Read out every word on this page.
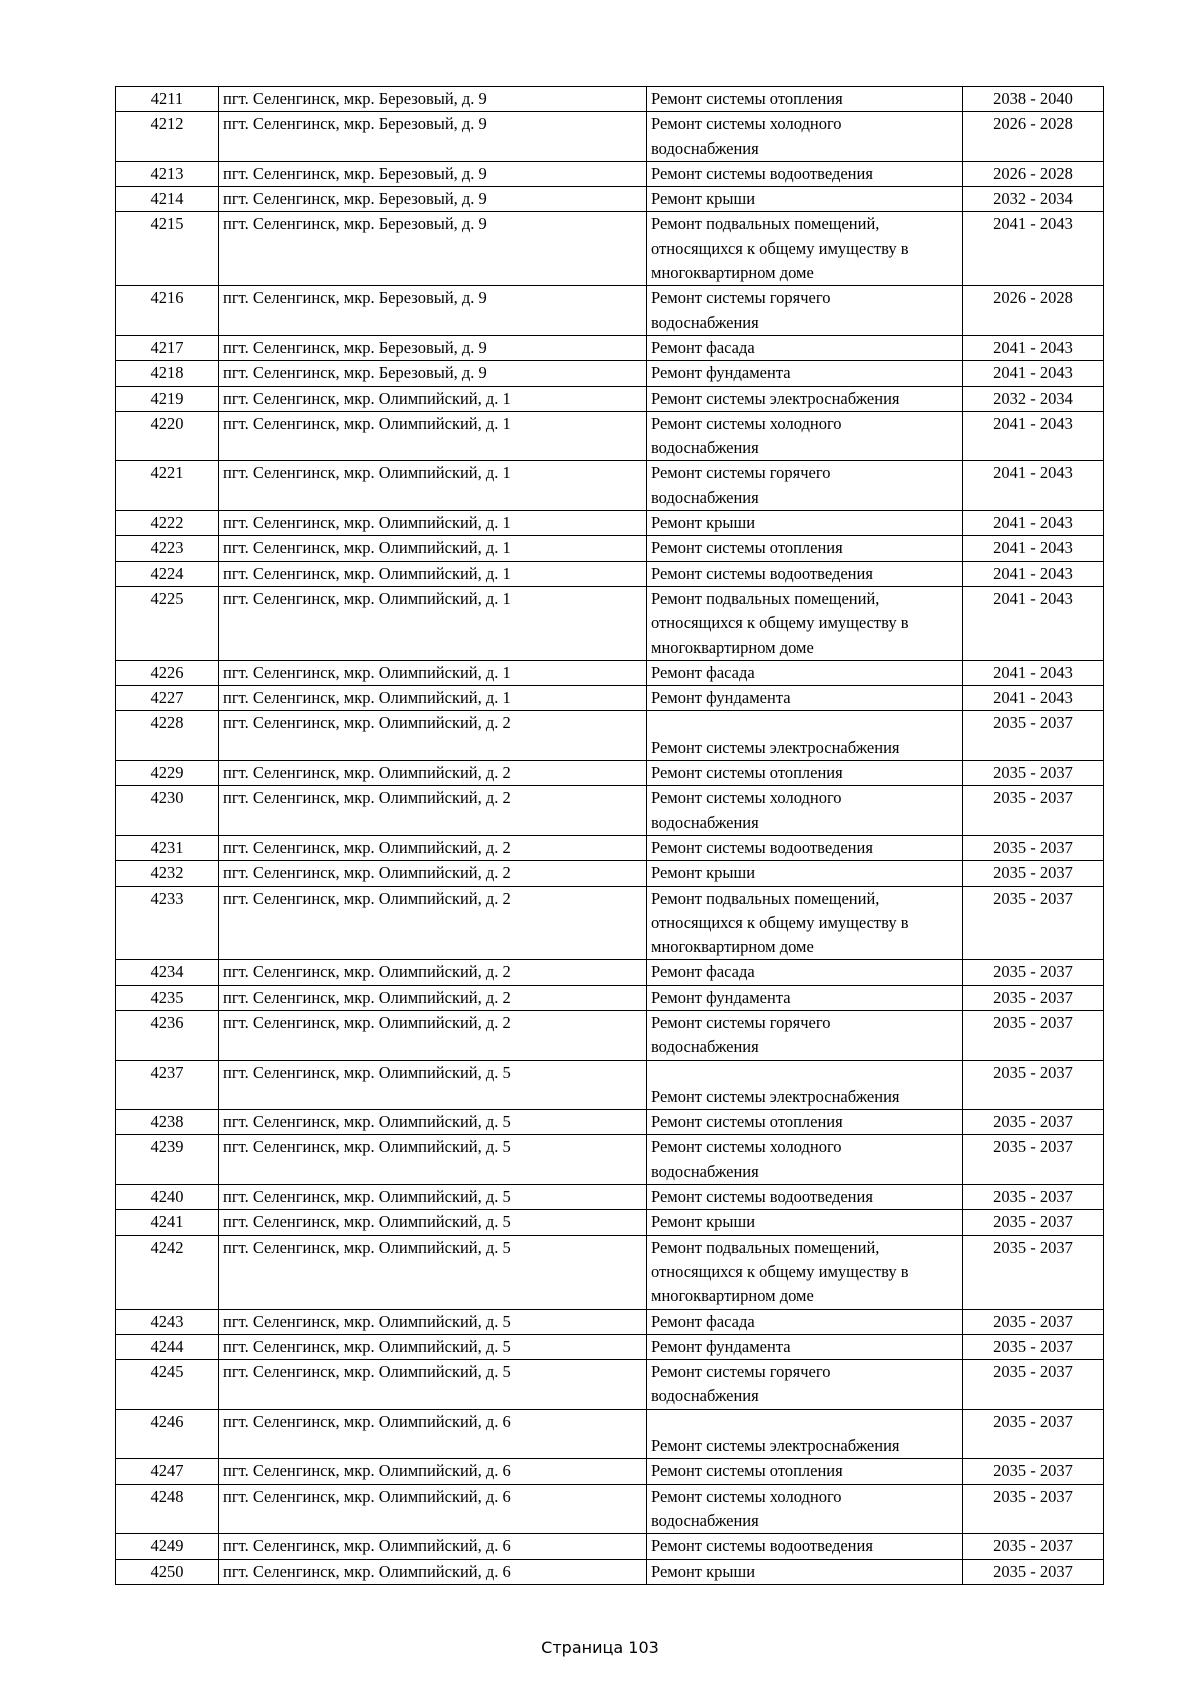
4211	пгт. Селенгинск, мкр. Березовый, д. 9	Ремонт системы отопления	2038 - 2040
4212	пгт. Селенгинск, мкр. Березовый, д. 9	Ремонт системы холодного
водоснабжения	2026 - 2028
4213	пгт. Селенгинск, мкр. Березовый, д. 9	Ремонт системы водоотведения	2026 - 2028
4214	пгт. Селенгинск, мкр. Березовый, д. 9	Ремонт крыши	2032 - 2034
4215	пгт. Селенгинск, мкр. Березовый, д. 9	Ремонт подвальных помещений,
относящихся к общему имуществу в
многоквартирном доме	2041 - 2043
4216	пгт. Селенгинск, мкр. Березовый, д. 9	Ремонт системы горячего
водоснабжения	2026 - 2028
4217	пгт. Селенгинск, мкр. Березовый, д. 9	Ремонт фасада	2041 - 2043
4218	пгт. Селенгинск, мкр. Березовый, д. 9	Ремонт фундамента	2041 - 2043
4219	пгт. Селенгинск, мкр. Олимпийский, д. 1	Ремонт системы электроснабжения	2032 - 2034
4220	пгт. Селенгинск, мкр. Олимпийский, д. 1	Ремонт системы холодного
водоснабжения	2041 - 2043
4221	пгт. Селенгинск, мкр. Олимпийский, д. 1	Ремонт системы горячего
водоснабжения	2041 - 2043
4222	пгт. Селенгинск, мкр. Олимпийский, д. 1	Ремонт крыши	2041 - 2043
4223	пгт. Селенгинск, мкр. Олимпийский, д. 1	Ремонт системы отопления	2041 - 2043
4224	пгт. Селенгинск, мкр. Олимпийский, д. 1	Ремонт системы водоотведения	2041 - 2043
4225	пгт. Селенгинск, мкр. Олимпийский, д. 1	Ремонт подвальных помещений,
относящихся к общему имуществу в
многоквартирном доме	2041 - 2043
4226	пгт. Селенгинск, мкр. Олимпийский, д. 1	Ремонт фасада	2041 - 2043
4227	пгт. Селенгинск, мкр. Олимпийский, д. 1	Ремонт фундамента	2041 - 2043
4228	пгт. Селенгинск, мкр. Олимпийский, д. 2	
Ремонт системы электроснабжения	2035 - 2037
4229	пгт. Селенгинск, мкр. Олимпийский, д. 2	Ремонт системы отопления	2035 - 2037
4230	пгт. Селенгинск, мкр. Олимпийский, д. 2	Ремонт системы холодного
водоснабжения	2035 - 2037
4231	пгт. Селенгинск, мкр. Олимпийский, д. 2	Ремонт системы водоотведения	2035 - 2037
4232	пгт. Селенгинск, мкр. Олимпийский, д. 2	Ремонт крыши	2035 - 2037
4233	пгт. Селенгинск, мкр. Олимпийский, д. 2	Ремонт подвальных помещений,
относящихся к общему имуществу в
многоквартирном доме	2035 - 2037
4234	пгт. Селенгинск, мкр. Олимпийский, д. 2	Ремонт фасада	2035 - 2037
4235	пгт. Селенгинск, мкр. Олимпийский, д. 2	Ремонт фундамента	2035 - 2037
4236	пгт. Селенгинск, мкр. Олимпийский, д. 2	Ремонт системы горячего
водоснабжения	2035 - 2037
4237	пгт. Селенгинск, мкр. Олимпийский, д. 5	
Ремонт системы электроснабжения	2035 - 2037
4238	пгт. Селенгинск, мкр. Олимпийский, д. 5	Ремонт системы отопления	2035 - 2037
4239	пгт. Селенгинск, мкр. Олимпийский, д. 5	Ремонт системы холодного
водоснабжения	2035 - 2037
4240	пгт. Селенгинск, мкр. Олимпийский, д. 5	Ремонт системы водоотведения	2035 - 2037
4241	пгт. Селенгинск, мкр. Олимпийский, д. 5	Ремонт крыши	2035 - 2037
4242	пгт. Селенгинск, мкр. Олимпийский, д. 5	Ремонт подвальных помещений,
относящихся к общему имуществу в
многоквартирном доме	2035 - 2037
4243	пгт. Селенгинск, мкр. Олимпийский, д. 5	Ремонт фасада	2035 - 2037
4244	пгт. Селенгинск, мкр. Олимпийский, д. 5	Ремонт фундамента	2035 - 2037
4245	пгт. Селенгинск, мкр. Олимпийский, д. 5	Ремонт системы горячего
водоснабжения	2035 - 2037
4246	пгт. Селенгинск, мкр. Олимпийский, д. 6	
Ремонт системы электроснабжения	2035 - 2037
4247	пгт. Селенгинск, мкр. Олимпийский, д. 6	Ремонт системы отопления	2035 - 2037
4248	пгт. Селенгинск, мкр. Олимпийский, д. 6	Ремонт системы холодного
водоснабжения	2035 - 2037
4249	пгт. Селенгинск, мкр. Олимпийский, д. 6	Ремонт системы водоотведения	2035 - 2037
4250	пгт. Селенгинск, мкр. Олимпийский, д. 6	Ремонт крыши	2035 - 2037
Страница 103
